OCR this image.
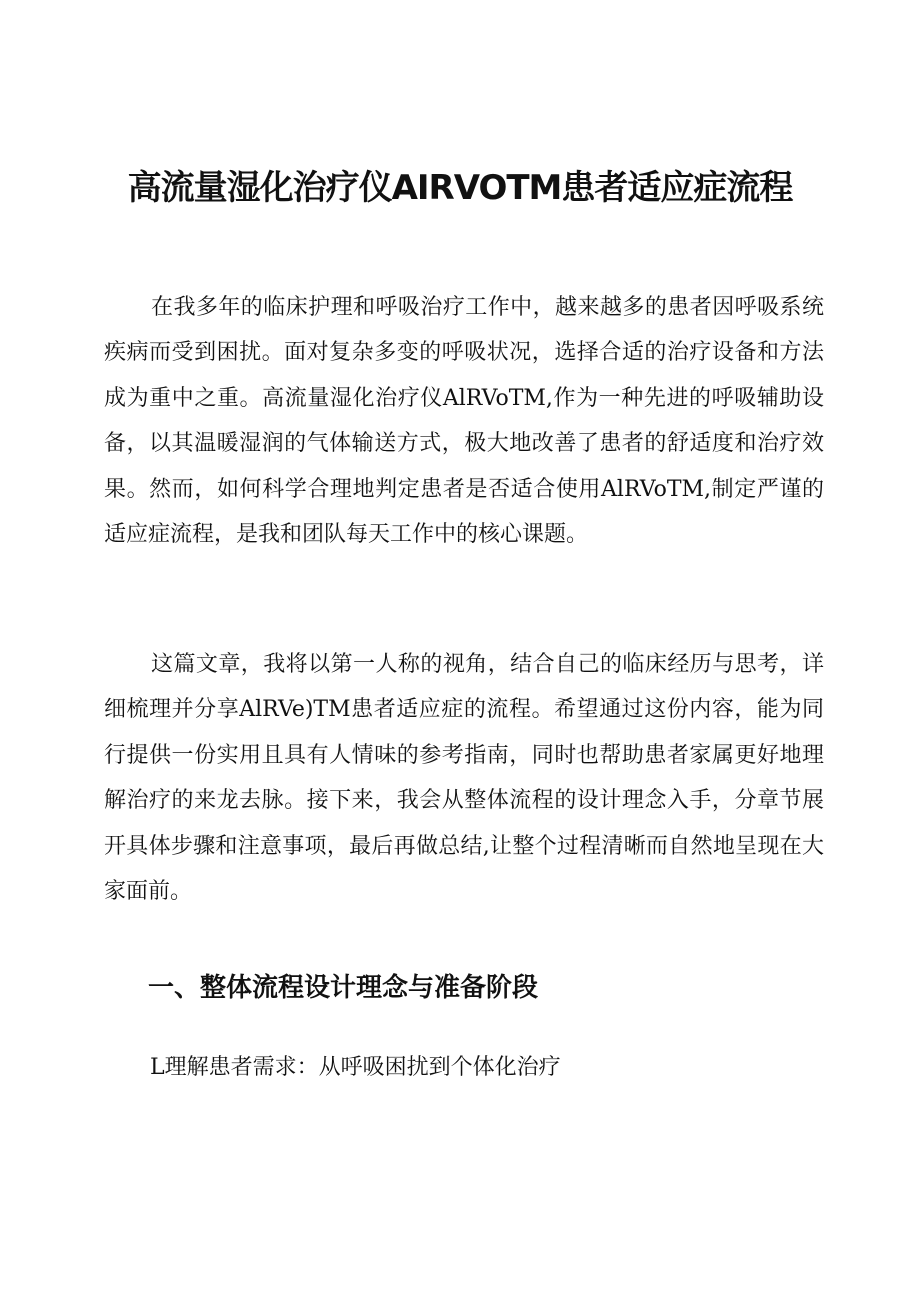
高流量湿化治疗仪AIRVOTM患者适应症流程

在我多年的临床护理和呼吸治疗工作中，越来越多的患者因呼吸系统疾病而受到困扰。面对复杂多变的呼吸状况，选择合适的治疗设备和方法成为重中之重。高流量湿化治疗仪AlRVoTM,作为一种先进的呼吸辅助设备，以其温暖湿润的气体输送方式，极大地改善了患者的舒适度和治疗效果。然而，如何科学合理地判定患者是否适合使用AlRVoTM,制定严谨的适应症流程，是我和团队每天工作中的核心课题。

这篇文章，我将以第一人称的视角，结合自己的临床经历与思考，详细梳理并分享AlRVe)TM患者适应症的流程。希望通过这份内容，能为同行提供一份实用且具有人情味的参考指南，同时也帮助患者家属更好地理解治疗的来龙去脉。接下来，我会从整体流程的设计理念入手，分章节展开具体步骤和注意事项，最后再做总结,让整个过程清晰而自然地呈现在大家面前。

一、整体流程设计理念与准备阶段

L理解患者需求：从呼吸困扰到个体化治疗
